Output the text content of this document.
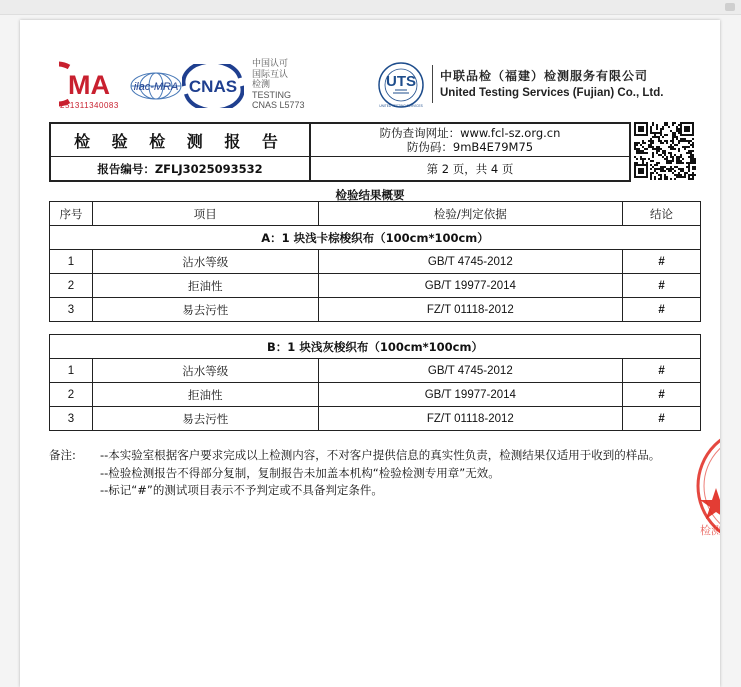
MA
251311340083
ilac-MRA CNAS
中国认可
国际互认
检测
TESTING
CNAS L5773
UTS
UNITED TESTING SERVICES
中联品检（福建）检测服务有限公司
United Testing Services (Fujian) Co., Ltd.
检 验 检 测 报 告	防伪查询网址：www.fcl-sz.org.cn
防伪码：9mB4E79M75
报告编号：ZFLJ3025093532	第 2 页，共 4 页
检验结果概要
序号	项目	检验/判定依据	结论
A：1 块浅卡棕梭织布（100cm*100cm）			
1	沾水等级	GB/T 4745-2012	#
2	拒油性	GB/T 19977-2014	#
3	易去污性	FZ/T 01118-2012	#
B：1 块浅灰梭织布（100cm*100cm）			
1	沾水等级	GB/T 4745-2012	#
2	拒油性	GB/T 19977-2014	#
3	易去污性	FZ/T 01118-2012	#
备注: --本实验室根据客户要求完成以上检测内容，不对客户提供信息的真实性负责，检测结果仅适用于收到的样品。
--检验检测报告不得部分复制，复制报告未加盖本机构“检验检测专用章”无效。
--标记“#”的测试项目表示不予判定或不具备判定条件。
检
检测
